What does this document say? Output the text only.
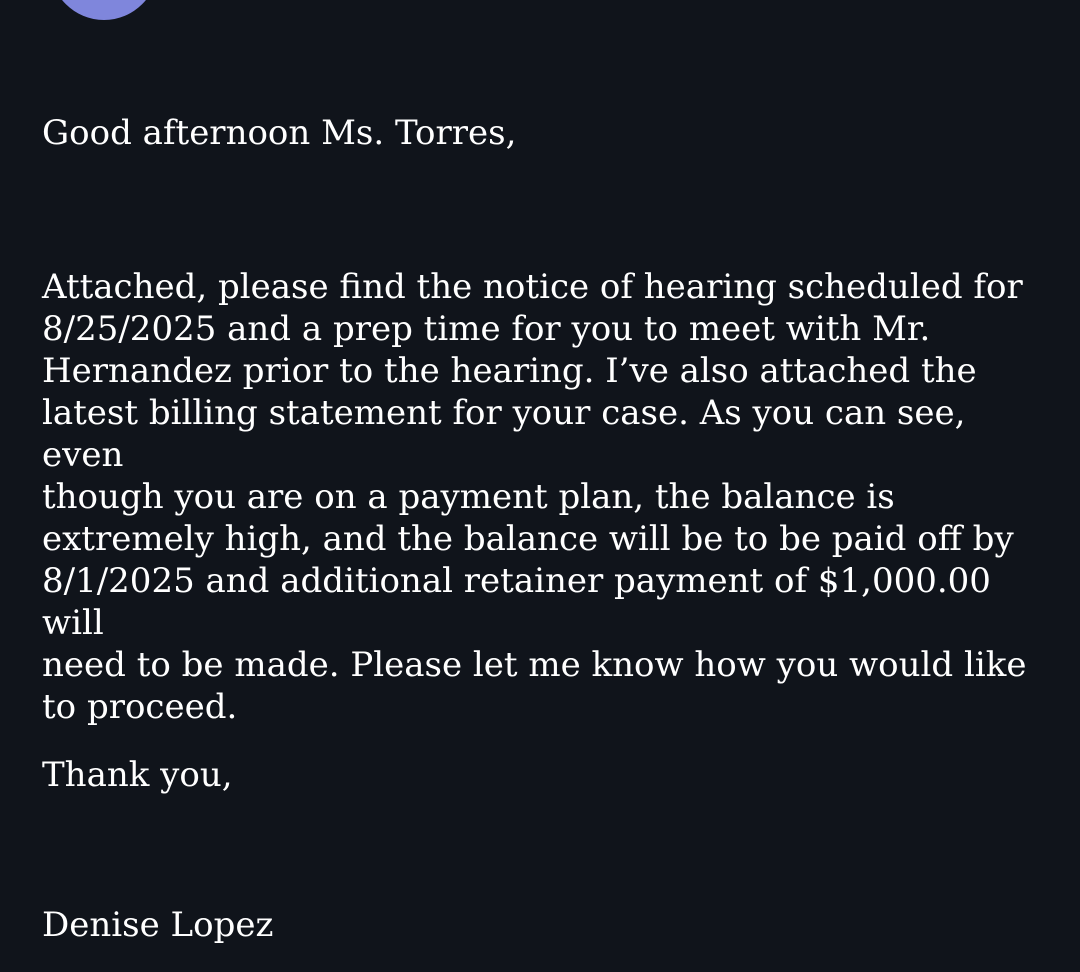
Good afternoon Ms. Torres,

Attached, please find the notice of hearing scheduled for
8/25/2025 and a prep time for you to meet with Mr.
Hernandez prior to the hearing. I’ve also attached the
latest billing statement for your case. As you can see, even
though you are on a payment plan, the balance is
extremely high, and the balance will be to be paid off by
8/1/2025 and additional retainer payment of $1,000.00 will
need to be made. Please let me know how you would like
to proceed.

Thank you,

Denise Lopez
